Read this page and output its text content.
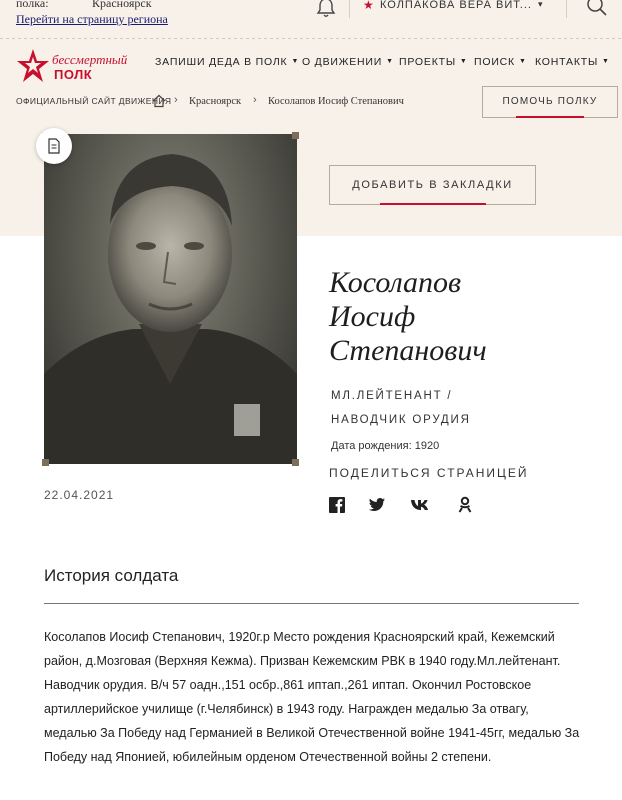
полка:	Красноярск
Перейти на страницу региона
★ КОЛПАКОВА ВЕРА ВИТ... ▾
бессмертный
ПОЛК
ЗАПИШИ ДЕДА В ПОЛК ▼ О ДВИЖЕНИИ ▼ ПРОЕКТЫ ▼ ПОИСК ▼ КОНТАКТЫ ▼
ОФИЦИАЛЬНЫЙ САЙТ ДВИЖЕНИЯ › Красноярск › Косолапов Иосиф Степанович	ПОМОЧЬ ПОЛКУ
ДОБАВИТЬ В ЗАКЛАДКИ
Косолапов
Иосиф
Степанович
МЛ.ЛЕЙТЕНАНТ / НАВОДЧИК ОРУДИЯ
Дата рождения: 1920
ПОДЕЛИТЬСЯ СТРАНИЦЕЙ
22.04.2021
История солдата
Косолапов Иосиф Степанович, 1920г.р Место рождения Красноярский край, Кежемский район, д.Мозговая (Верхняя Кежма). Призван Кежемским РВК в 1940 году.Мл.лейтенант. Наводчик орудия. В/ч 57 оадн.,151 осбр.,861 иптап.,261 иптап. Окончил Ростовское артиллерийское училище (г.Челябинск) в 1943 году. Награжден медалью За отвагу, медалью За Победу над Германией в Великой Отечественной войне 1941-45гг, медалью За Победу над Японией, юбилейным орденом Отечественной войны 2 степени.
